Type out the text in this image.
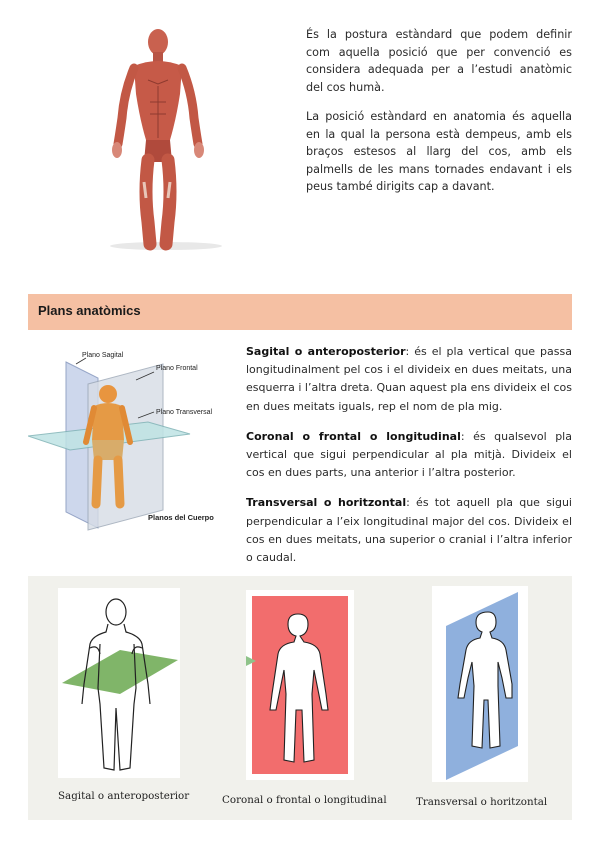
És la postura estàndard que podem definir com aquella posició que per convenció es considera adequada per a l’estudi anatòmic del cos humà.

La posició estàndard en anatomia és aquella en la qual la persona està dempeus, amb els braços estesos al llarg del cos, amb els palmells de les mans tornades endavant i els peus també dirigits cap a davant.

Plans anatòmics
Plano Sagital
Plano Frontal
Plano Transversal
Planos del Cuerpo

Sagital o anteroposterior: és el pla vertical que passa longitudinalment pel cos i el divideix en dues meitats, una esquerra i l’altra dreta. Quan aquest pla ens divideix el cos en dues meitats iguals, rep el nom de pla mig.

Coronal o frontal o longitudinal: és qualsevol pla vertical que sigui perpendicular al pla mitjà. Divideix el cos en dues parts, una anterior i l’altra posterior.

Transversal o horitzontal: és tot aquell pla que sigui perpendicular a l’eix longitudinal major del cos. Divideix el cos en dues meitats, una superior o cranial i l’altra inferior o caudal.

Sagital o anteroposterior	Coronal o frontal o longitudinal	Transversal o horitzontal
